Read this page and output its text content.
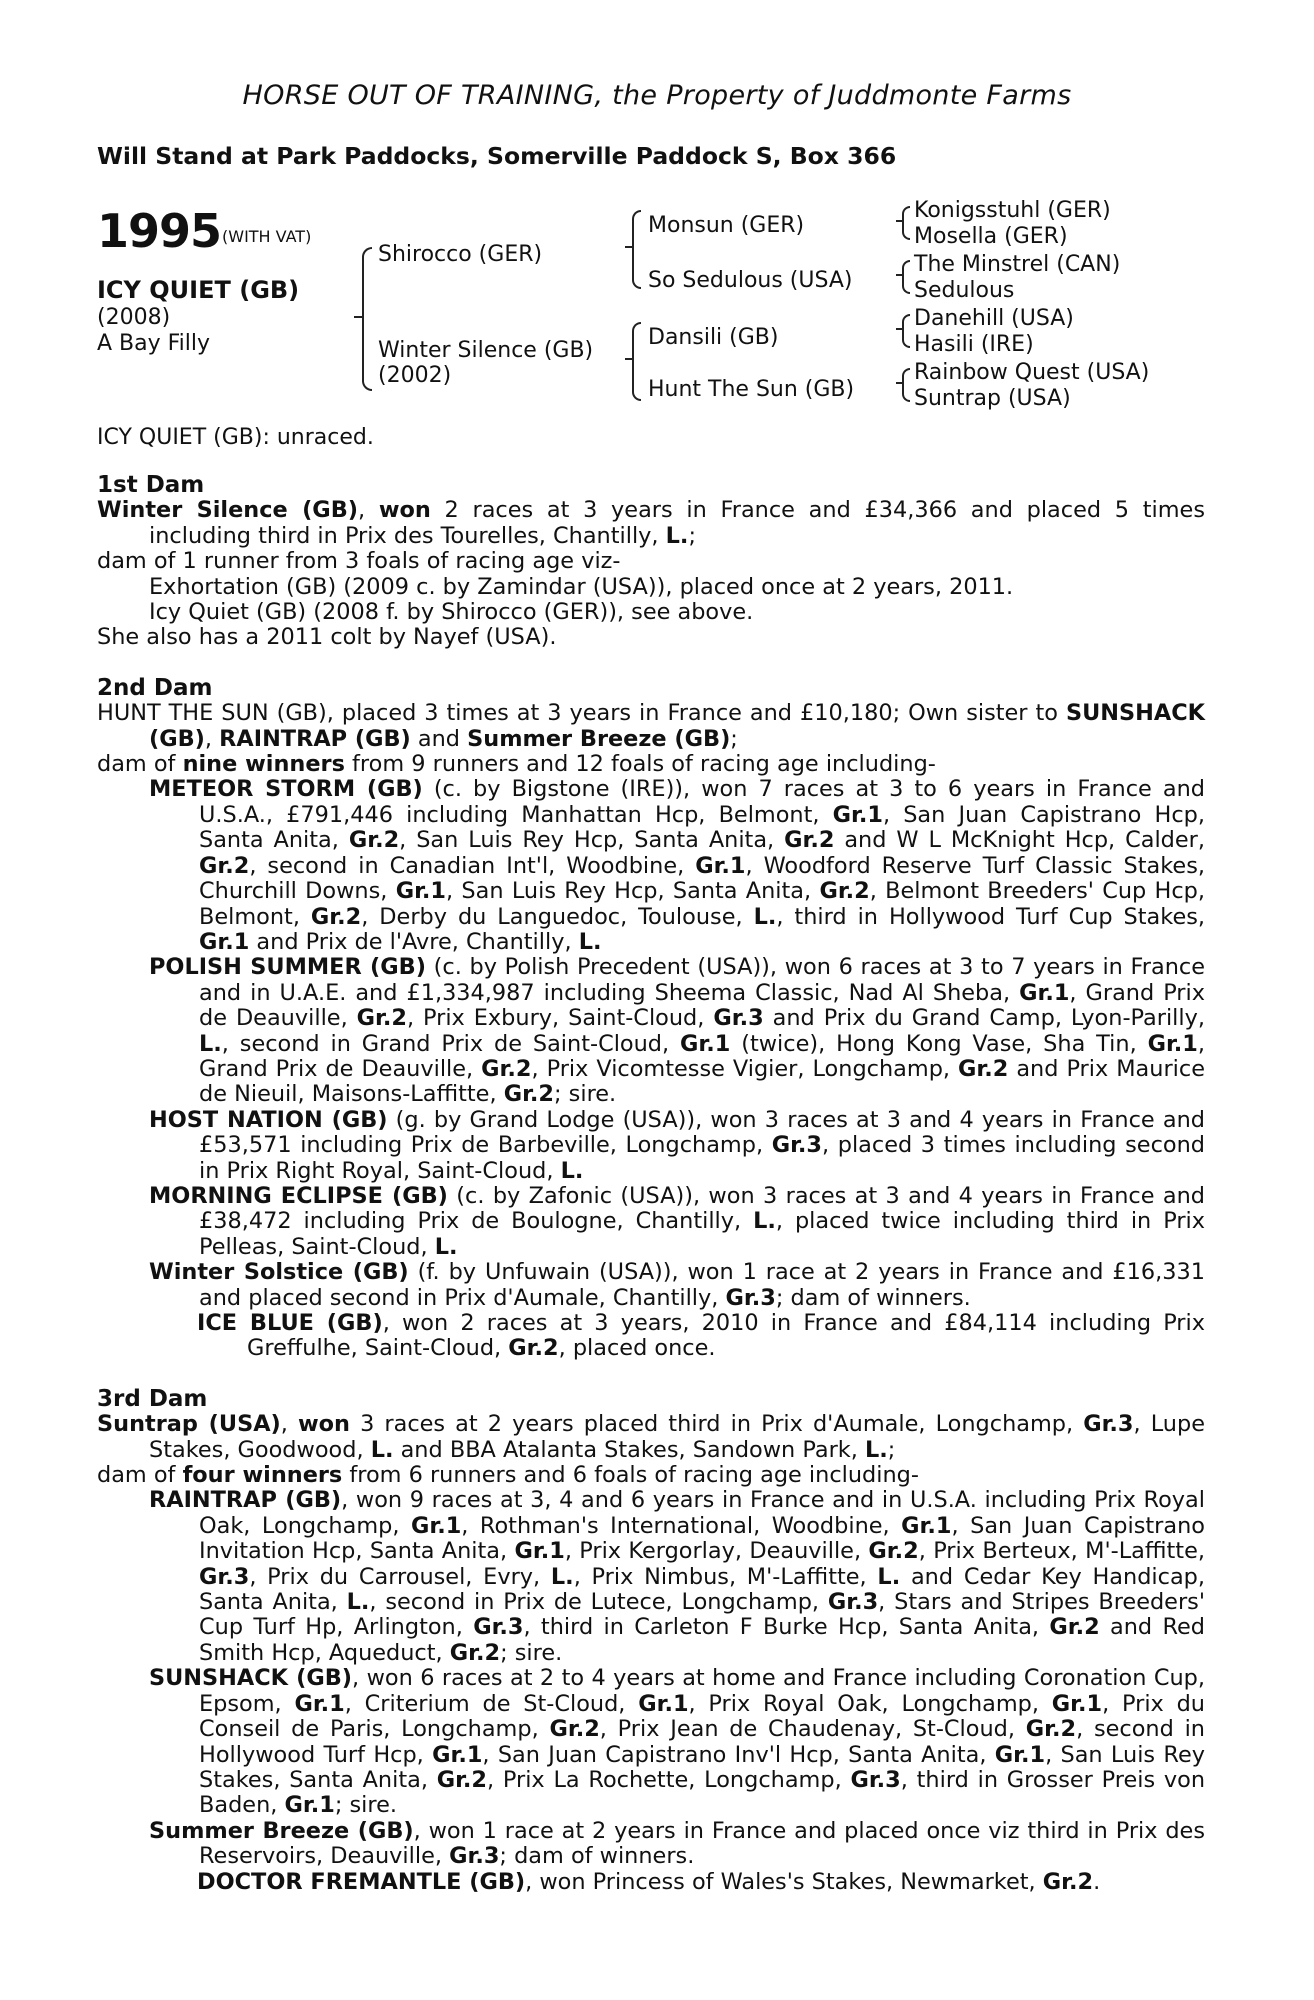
HORSE OUT OF TRAINING, the Property of Juddmonte Farms
Will Stand at Park Paddocks, Somerville Paddock S, Box 366
1995 (WITH VAT)
ICY QUIET (GB)
(2008)
A Bay Filly
Shirocco (GER)
Winter Silence (GB)
(2002)
Monsun (GER)
So Sedulous (USA)
Dansili (GB)
Hunt The Sun (GB)
Konigsstuhl (GER)
Mosella (GER)
The Minstrel (CAN)
Sedulous
Danehill (USA)
Hasili (IRE)
Rainbow Quest (USA)
Suntrap (USA)
ICY QUIET (GB): unraced.

1st Dam

Winter Silence (GB), won 2 races at 3 years in France and £34,366 and placed 5 times including third in Prix des Tourelles, Chantilly, L.;

dam of 1 runner from 3 foals of racing age viz-

Exhortation (GB) (2009 c. by Zamindar (USA)), placed once at 2 years, 2011.

Icy Quiet (GB) (2008 f. by Shirocco (GER)), see above.

She also has a 2011 colt by Nayef (USA).

2nd Dam

HUNT THE SUN (GB), placed 3 times at 3 years in France and £10,180; Own sister to SUNSHACK (GB), RAINTRAP (GB) and Summer Breeze (GB);

dam of nine winners from 9 runners and 12 foals of racing age including-

METEOR STORM (GB) (c. by Bigstone (IRE)), won 7 races at 3 to 6 years in France and U.S.A., £791,446 including Manhattan Hcp, Belmont, Gr.1, San Juan Capistrano Hcp, Santa Anita, Gr.2, San Luis Rey Hcp, Santa Anita, Gr.2 and W L McKnight Hcp, Calder, Gr.2, second in Canadian Int'l, Woodbine, Gr.1, Woodford Reserve Turf Classic Stakes, Churchill Downs, Gr.1, San Luis Rey Hcp, Santa Anita, Gr.2, Belmont Breeders' Cup Hcp, Belmont, Gr.2, Derby du Languedoc, Toulouse, L., third in Hollywood Turf Cup Stakes, Gr.1 and Prix de l'Avre, Chantilly, L.

POLISH SUMMER (GB) (c. by Polish Precedent (USA)), won 6 races at 3 to 7 years in France and in U.A.E. and £1,334,987 including Sheema Classic, Nad Al Sheba, Gr.1, Grand Prix de Deauville, Gr.2, Prix Exbury, Saint-Cloud, Gr.3 and Prix du Grand Camp, Lyon-Parilly, L., second in Grand Prix de Saint-Cloud, Gr.1 (twice), Hong Kong Vase, Sha Tin, Gr.1, Grand Prix de Deauville, Gr.2, Prix Vicomtesse Vigier, Longchamp, Gr.2 and Prix Maurice de Nieuil, Maisons-Laffitte, Gr.2; sire.

HOST NATION (GB) (g. by Grand Lodge (USA)), won 3 races at 3 and 4 years in France and £53,571 including Prix de Barbeville, Longchamp, Gr.3, placed 3 times including second in Prix Right Royal, Saint-Cloud, L.

MORNING ECLIPSE (GB) (c. by Zafonic (USA)), won 3 races at 3 and 4 years in France and £38,472 including Prix de Boulogne, Chantilly, L., placed twice including third in Prix Pelleas, Saint-Cloud, L.

Winter Solstice (GB) (f. by Unfuwain (USA)), won 1 race at 2 years in France and £16,331 and placed second in Prix d'Aumale, Chantilly, Gr.3; dam of winners.

ICE BLUE (GB), won 2 races at 3 years, 2010 in France and £84,114 including Prix Greffulhe, Saint-Cloud, Gr.2, placed once.

3rd Dam

Suntrap (USA), won 3 races at 2 years placed third in Prix d'Aumale, Longchamp, Gr.3, Lupe Stakes, Goodwood, L. and BBA Atalanta Stakes, Sandown Park, L.;

dam of four winners from 6 runners and 6 foals of racing age including-

RAINTRAP (GB), won 9 races at 3, 4 and 6 years in France and in U.S.A. including Prix Royal Oak, Longchamp, Gr.1, Rothman's International, Woodbine, Gr.1, San Juan Capistrano Invitation Hcp, Santa Anita, Gr.1, Prix Kergorlay, Deauville, Gr.2, Prix Berteux, M'-Laffitte, Gr.3, Prix du Carrousel, Evry, L., Prix Nimbus, M'-Laffitte, L. and Cedar Key Handicap, Santa Anita, L., second in Prix de Lutece, Longchamp, Gr.3, Stars and Stripes Breeders' Cup Turf Hp, Arlington, Gr.3, third in Carleton F Burke Hcp, Santa Anita, Gr.2 and Red Smith Hcp, Aqueduct, Gr.2; sire.

SUNSHACK (GB), won 6 races at 2 to 4 years at home and France including Coronation Cup, Epsom, Gr.1, Criterium de St-Cloud, Gr.1, Prix Royal Oak, Longchamp, Gr.1, Prix du Conseil de Paris, Longchamp, Gr.2, Prix Jean de Chaudenay, St-Cloud, Gr.2, second in Hollywood Turf Hcp, Gr.1, San Juan Capistrano Inv'l Hcp, Santa Anita, Gr.1, San Luis Rey Stakes, Santa Anita, Gr.2, Prix La Rochette, Longchamp, Gr.3, third in Grosser Preis von Baden, Gr.1; sire.

Summer Breeze (GB), won 1 race at 2 years in France and placed once viz third in Prix des Reservoirs, Deauville, Gr.3; dam of winners.

DOCTOR FREMANTLE (GB), won Princess of Wales's Stakes, Newmarket, Gr.2.
